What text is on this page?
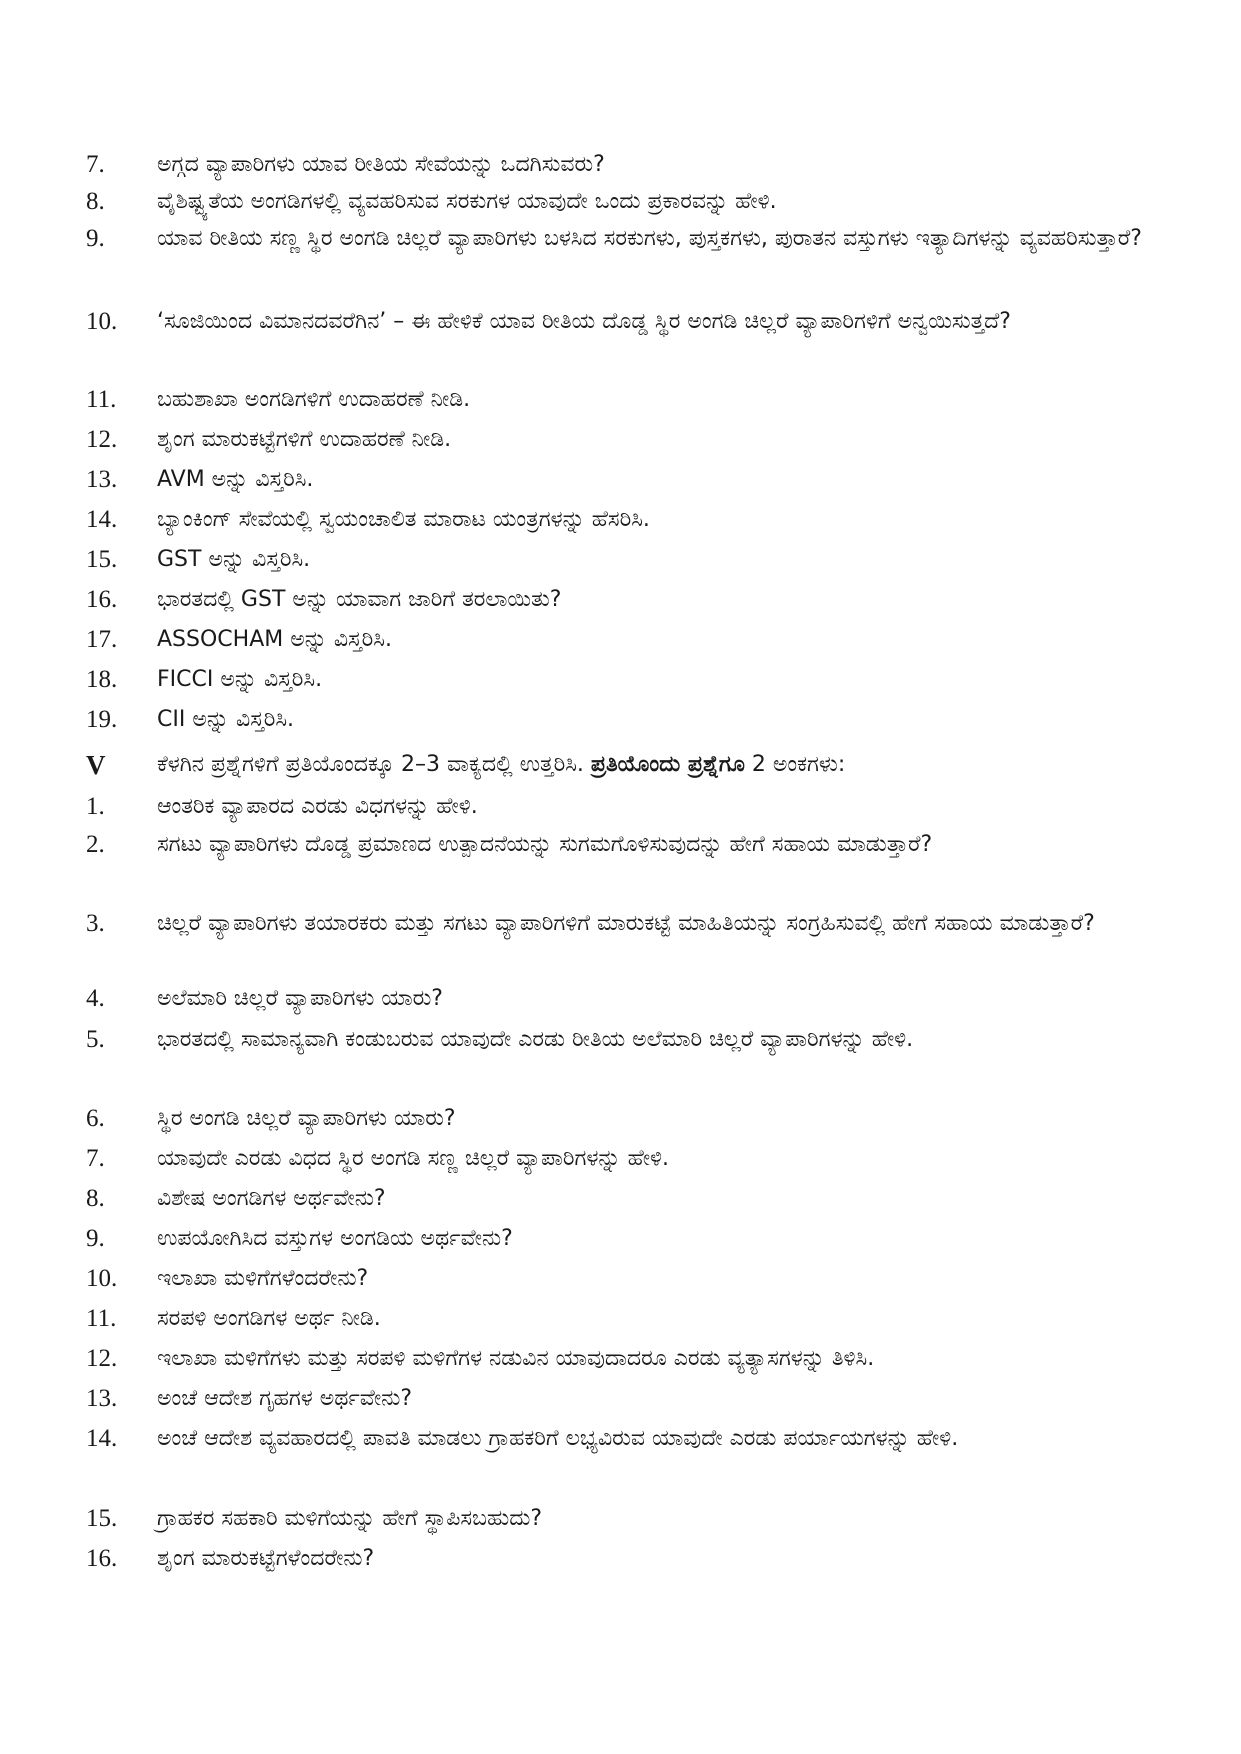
7. ಅಗ್ಗದ ವ್ಯಾಪಾರಿಗಳು ಯಾವ ರೀತಿಯ ಸೇವೆಯನ್ನು ಒದಗಿಸುವರು?
8. ವೈಶಿಷ್ಟ್ಯತೆಯ ಅಂಗಡಿಗಳಲ್ಲಿ ವ್ಯವಹರಿಸುವ ಸರಕುಗಳ ಯಾವುದೇ ಒಂದು ಪ್ರಕಾರವನ್ನು ಹೇಳಿ.
9. ಯಾವ ರೀತಿಯ ಸಣ್ಣ ಸ್ಥಿರ ಅಂಗಡಿ ಚಿಲ್ಲರೆ ವ್ಯಾಪಾರಿಗಳು ಬಳಸಿದ ಸರಕುಗಳು, ಪುಸ್ತಕಗಳು, ಪುರಾತನ ವಸ್ತುಗಳು ಇತ್ಯಾದಿಗಳನ್ನು ವ್ಯವಹರಿಸುತ್ತಾರೆ?
10. ‘ಸೂಜಿಯಿಂದ ವಿಮಾನದವರೆಗಿನ’ – ಈ ಹೇಳಿಕೆ ಯಾವ ರೀತಿಯ ದೊಡ್ಡ ಸ್ಥಿರ ಅಂಗಡಿ ಚಿಲ್ಲರೆ ವ್ಯಾಪಾರಿಗಳಿಗೆ ಅನ್ವಯಿಸುತ್ತದೆ?
11. ಬಹುಶಾಖಾ ಅಂಗಡಿಗಳಿಗೆ ಉದಾಹರಣೆ ನೀಡಿ.
12. ಶೃಂಗ ಮಾರುಕಟ್ಟೆಗಳಿಗೆ ಉದಾಹರಣೆ ನೀಡಿ.
13. AVM ಅನ್ನು ವಿಸ್ತರಿಸಿ.
14. ಬ್ಯಾಂಕಿಂಗ್ ಸೇವೆಯಲ್ಲಿ ಸ್ವಯಂಚಾಲಿತ ಮಾರಾಟ ಯಂತ್ರಗಳನ್ನು ಹೆಸರಿಸಿ.
15. GST ಅನ್ನು ವಿಸ್ತರಿಸಿ.
16. ಭಾರತದಲ್ಲಿ GST ಅನ್ನು ಯಾವಾಗ ಜಾರಿಗೆ ತರಲಾಯಿತು?
17. ASSOCHAM ಅನ್ನು ವಿಸ್ತರಿಸಿ.
18. FICCI ಅನ್ನು ವಿಸ್ತರಿಸಿ.
19. CII ಅನ್ನು ವಿಸ್ತರಿಸಿ.
V ಕೆಳಗಿನ ಪ್ರಶ್ನೆಗಳಿಗೆ ಪ್ರತಿಯೊಂದಕ್ಕೂ 2–3 ವಾಕ್ಯದಲ್ಲಿ ಉತ್ತರಿಸಿ. ಪ್ರತಿಯೊಂದು ಪ್ರಶ್ನೆಗೂ 2 ಅಂಕಗಳು:
1. ಆಂತರಿಕ ವ್ಯಾಪಾರದ ಎರಡು ವಿಧಗಳನ್ನು ಹೇಳಿ.
2. ಸಗಟು ವ್ಯಾಪಾರಿಗಳು ದೊಡ್ಡ ಪ್ರಮಾಣದ ಉತ್ಪಾದನೆಯನ್ನು ಸುಗಮಗೊಳಿಸುವುದನ್ನು ಹೇಗೆ ಸಹಾಯ ಮಾಡುತ್ತಾರೆ?
3. ಚಿಲ್ಲರೆ ವ್ಯಾಪಾರಿಗಳು ತಯಾರಕರು ಮತ್ತು ಸಗಟು ವ್ಯಾಪಾರಿಗಳಿಗೆ ಮಾರುಕಟ್ಟೆ ಮಾಹಿತಿಯನ್ನು ಸಂಗ್ರಹಿಸುವಲ್ಲಿ ಹೇಗೆ ಸಹಾಯ ಮಾಡುತ್ತಾರೆ?
4. ಅಲೆಮಾರಿ ಚಿಲ್ಲರೆ ವ್ಯಾಪಾರಿಗಳು ಯಾರು?
5. ಭಾರತದಲ್ಲಿ ಸಾಮಾನ್ಯವಾಗಿ ಕಂಡುಬರುವ ಯಾವುದೇ ಎರಡು ರೀತಿಯ ಅಲೆಮಾರಿ ಚಿಲ್ಲರೆ ವ್ಯಾಪಾರಿಗಳನ್ನು ಹೇಳಿ.
6. ಸ್ಥಿರ ಅಂಗಡಿ ಚಿಲ್ಲರೆ ವ್ಯಾಪಾರಿಗಳು ಯಾರು?
7. ಯಾವುದೇ ಎರಡು ವಿಧದ ಸ್ಥಿರ ಅಂಗಡಿ ಸಣ್ಣ ಚಿಲ್ಲರೆ ವ್ಯಾಪಾರಿಗಳನ್ನು ಹೇಳಿ.
8. ವಿಶೇಷ ಅಂಗಡಿಗಳ ಅರ್ಥವೇನು?
9. ಉಪಯೋಗಿಸಿದ ವಸ್ತುಗಳ ಅಂಗಡಿಯ ಅರ್ಥವೇನು?
10. ಇಲಾಖಾ ಮಳಿಗೆಗಳೆಂದರೇನು?
11. ಸರಪಳಿ ಅಂಗಡಿಗಳ ಅರ್ಥ ನೀಡಿ.
12. ಇಲಾಖಾ ಮಳಿಗೆಗಳು ಮತ್ತು ಸರಪಳಿ ಮಳಿಗೆಗಳ ನಡುವಿನ ಯಾವುದಾದರೂ ಎರಡು ವ್ಯತ್ಯಾಸಗಳನ್ನು ತಿಳಿಸಿ.
13. ಅಂಚೆ ಆದೇಶ ಗೃಹಗಳ ಅರ್ಥವೇನು?
14. ಅಂಚೆ ಆದೇಶ ವ್ಯವಹಾರದಲ್ಲಿ ಪಾವತಿ ಮಾಡಲು ಗ್ರಾಹಕರಿಗೆ ಲಭ್ಯವಿರುವ ಯಾವುದೇ ಎರಡು ಪರ್ಯಾಯಗಳನ್ನು ಹೇಳಿ.
15. ಗ್ರಾಹಕರ ಸಹಕಾರಿ ಮಳಿಗೆಯನ್ನು ಹೇಗೆ ಸ್ಥಾಪಿಸಬಹುದು?
16. ಶೃಂಗ ಮಾರುಕಟ್ಟೆಗಳೆಂದರೇನು?
